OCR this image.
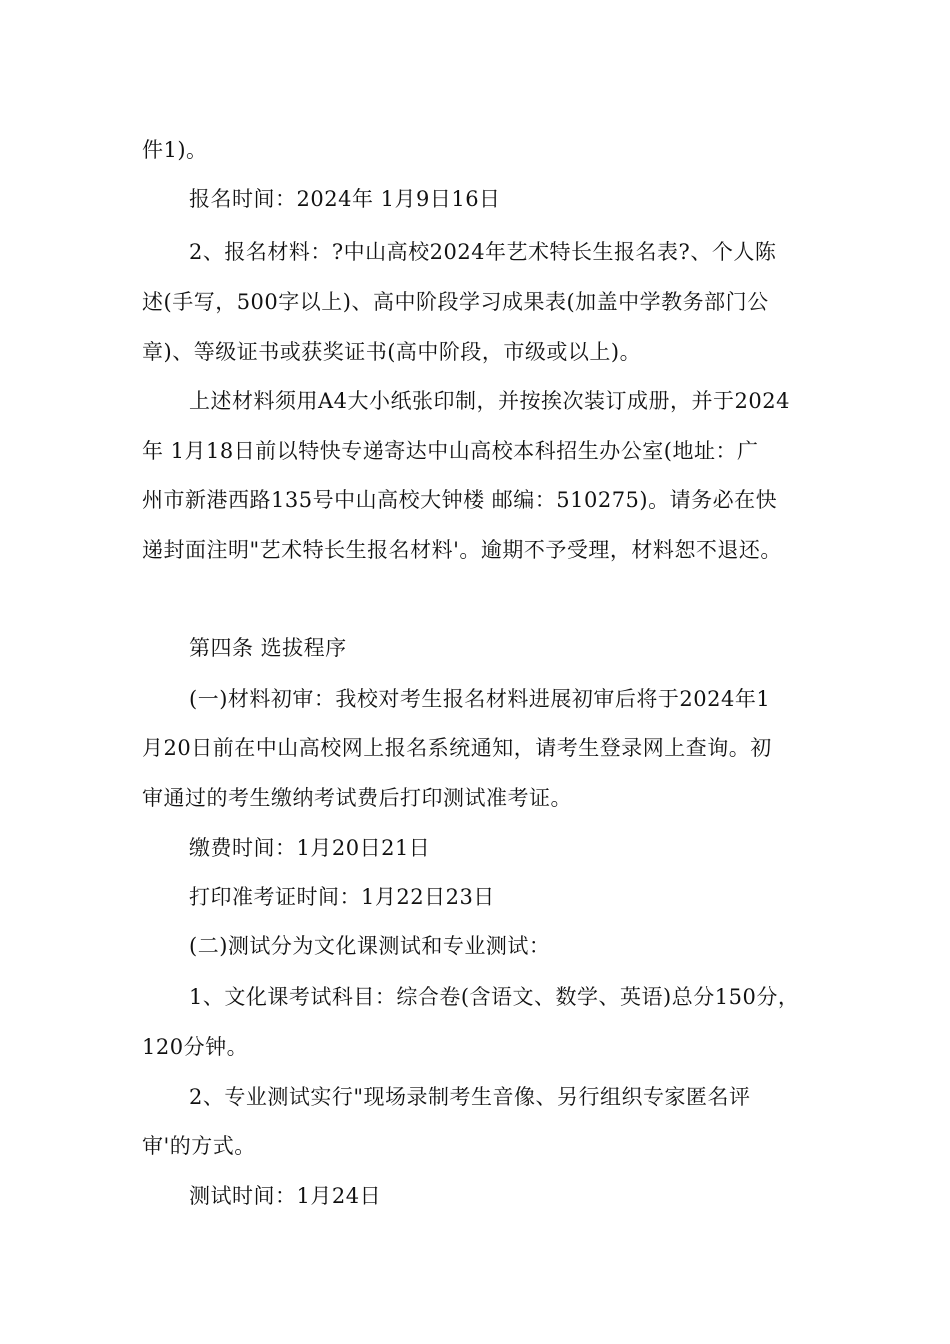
件1)。
报名时间：2024年 1月9日16日
2、报名材料：?中山高校2024年艺术特长生报名表?、个人陈
述(手写，500字以上)、高中阶段学习成果表(加盖中学教务部门公
章)、等级证书或获奖证书(高中阶段，市级或以上)。
上述材料须用A4大小纸张印制，并按挨次装订成册，并于2024
年 1月18日前以特快专递寄达中山高校本科招生办公室(地址：广
州市新港西路135号中山高校大钟楼 邮编：510275)。请务必在快
递封面注明"艺术特长生报名材料'。逾期不予受理，材料恕不退还。
第四条 选拔程序
(一)材料初审：我校对考生报名材料进展初审后将于2024年1
月20日前在中山高校网上报名系统通知，请考生登录网上查询。初
审通过的考生缴纳考试费后打印测试准考证。
缴费时间：1月20日21日
打印准考证时间：1月22日23日
(二)测试分为文化课测试和专业测试：
1、文化课考试科目：综合卷(含语文、数学、英语)总分150分，
120分钟。
2、专业测试实行"现场录制考生音像、另行组织专家匿名评
审'的方式。
测试时间：1月24日
